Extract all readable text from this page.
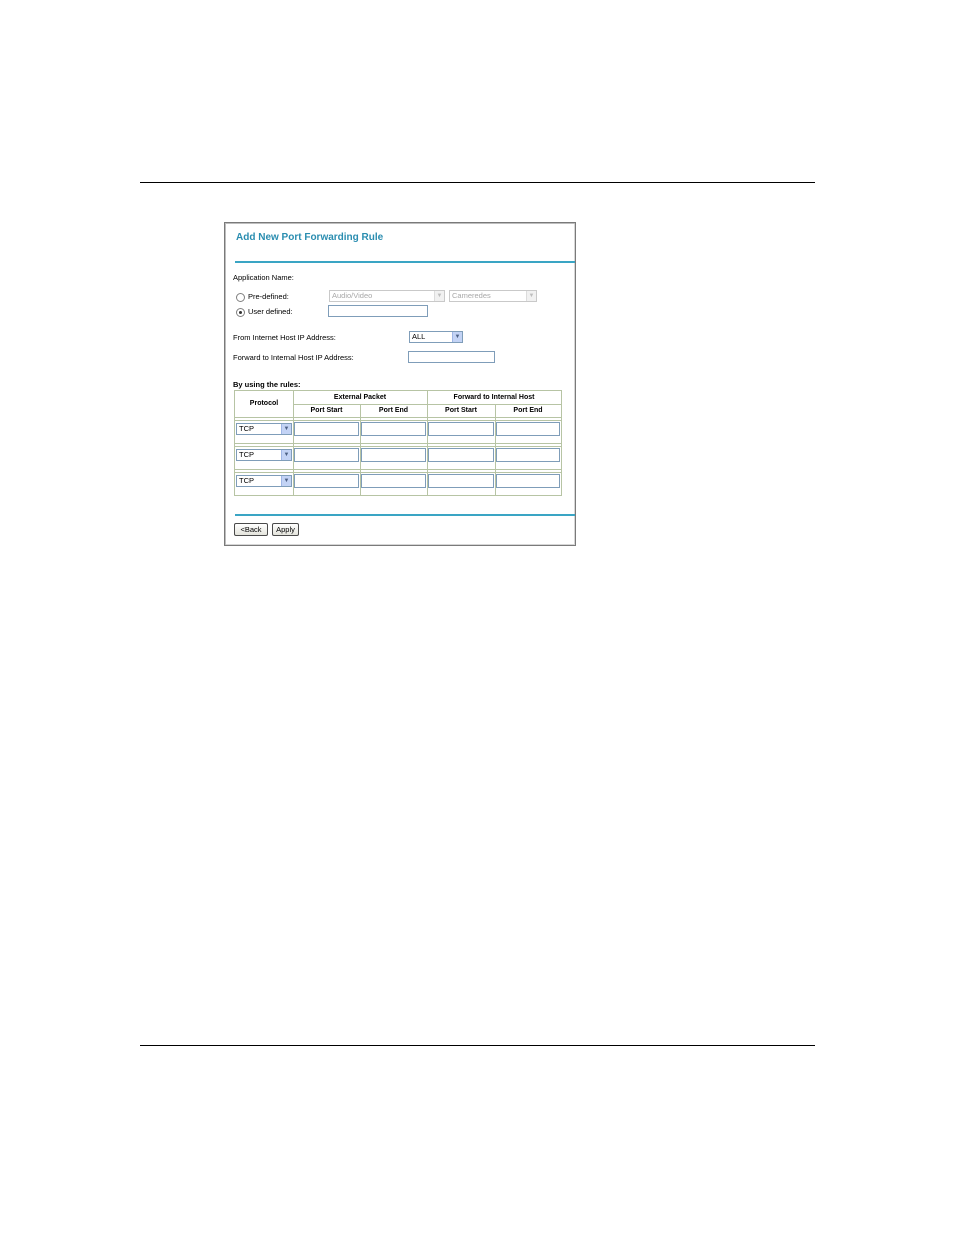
Add New Port Forwarding Rule
Application Name:
Pre-defined:	Audio/Video	▼ Cameredes	▼
User defined:
From Internet Host IP Address:	ALL	▼
Forward to Internal Host IP Address:
By using the rules:
Protocol
External Packet	Forward to Internal Host
Port Start	Port End	Port Start	Port End
TCP	▼
TCP	▼
TCP	▼
<Back	Apply
